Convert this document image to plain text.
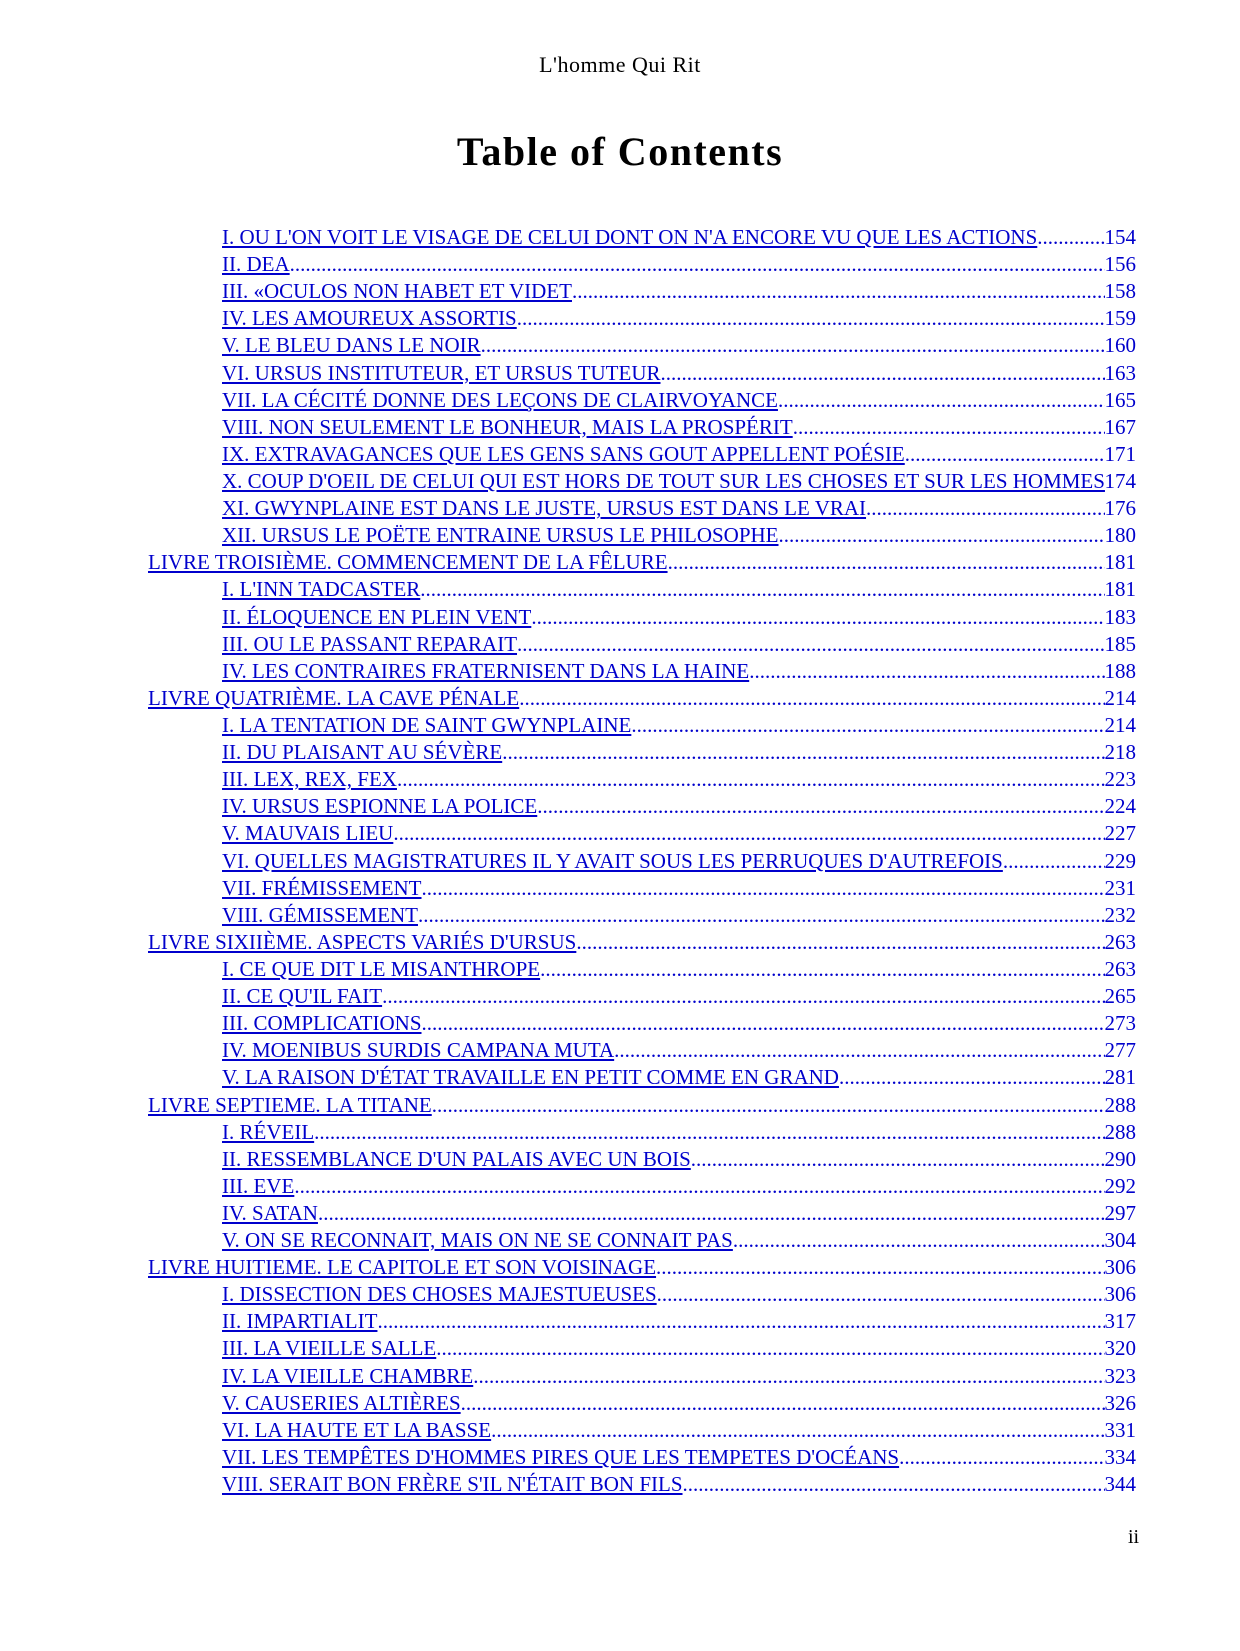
L'homme Qui Rit
Table of Contents
I. OU L'ON VOIT LE VISAGE DE CELUI DONT ON N'A ENCORE VU QUE LES ACTIONS .....	154
II. DEA .....	156
III. «OCULOS NON HABET ET VIDET .....	158
IV. LES AMOUREUX ASSORTIS .....	159
V. LE BLEU DANS LE NOIR .....	160
VI. URSUS INSTITUTEUR, ET URSUS TUTEUR .....	163
VII. LA CÉCITÉ DONNE DES LEÇONS DE CLAIRVOYANCE .....	165
VIII. NON SEULEMENT LE BONHEUR, MAIS LA PROSPÉRIT .....	167
IX. EXTRAVAGANCES QUE LES GENS SANS GOUT APPELLENT POÉSIE .....	171
X. COUP D'OEIL DE CELUI QUI EST HORS DE TOUT SUR LES CHOSES ET SUR LES HOMMES 174
XI. GWYNPLAINE EST DANS LE JUSTE, URSUS EST DANS LE VRAI .....	176
XII. URSUS LE POËTE ENTRAINE URSUS LE PHILOSOPHE .....	180
LIVRE TROISIÈME. COMMENCEMENT DE LA FÊLURE .....	181
I. L'INN TADCASTER .....	181
II. ÉLOQUENCE EN PLEIN VENT .....	183
III. OU LE PASSANT REPARAIT .....	185
IV. LES CONTRAIRES FRATERNISENT DANS LA HAINE .....	188
LIVRE QUATRIÈME. LA CAVE PÉNALE .....	214
I. LA TENTATION DE SAINT GWYNPLAINE .....	214
II. DU PLAISANT AU SÉVÈRE .....	218
III. LEX, REX, FEX .....	223
IV. URSUS ESPIONNE LA POLICE .....	224
V. MAUVAIS LIEU .....	227
VI. QUELLES MAGISTRATURES IL Y AVAIT SOUS LES PERRUQUES D'AUTREFOIS .....	229
VII. FRÉMISSEMENT .....	231
VIII. GÉMISSEMENT .....	232
LIVRE SIXIIÈME. ASPECTS VARIÉS D'URSUS .....	263
I. CE QUE DIT LE MISANTHROPE .....	263
II. CE QU'IL FAIT .....	265
III. COMPLICATIONS .....	273
IV. MOENIBUS SURDIS CAMPANA MUTA .....	277
V. LA RAISON D'ÉTAT TRAVAILLE EN PETIT COMME EN GRAND .....	281
LIVRE SEPTIEME. LA TITANE .....	288
I. RÉVEIL .....	288
II. RESSEMBLANCE D'UN PALAIS AVEC UN BOIS .....	290
III. EVE .....	292
IV. SATAN .....	297
V. ON SE RECONNAIT, MAIS ON NE SE CONNAIT PAS .....	304
LIVRE HUITIEME. LE CAPITOLE ET SON VOISINAGE .....	306
I. DISSECTION DES CHOSES MAJESTUEUSES .....	306
II. IMPARTIALIT .....	317
III. LA VIEILLE SALLE .....	320
IV. LA VIEILLE CHAMBRE .....	323
V. CAUSERIES ALTIÈRES .....	326
VI. LA HAUTE ET LA BASSE .....	331
VII. LES TEMPÊTES D'HOMMES PIRES QUE LES TEMPETES D'OCÉANS .....	334
VIII. SERAIT BON FRÈRE S'IL N'ÉTAIT BON FILS .....	344
ii
